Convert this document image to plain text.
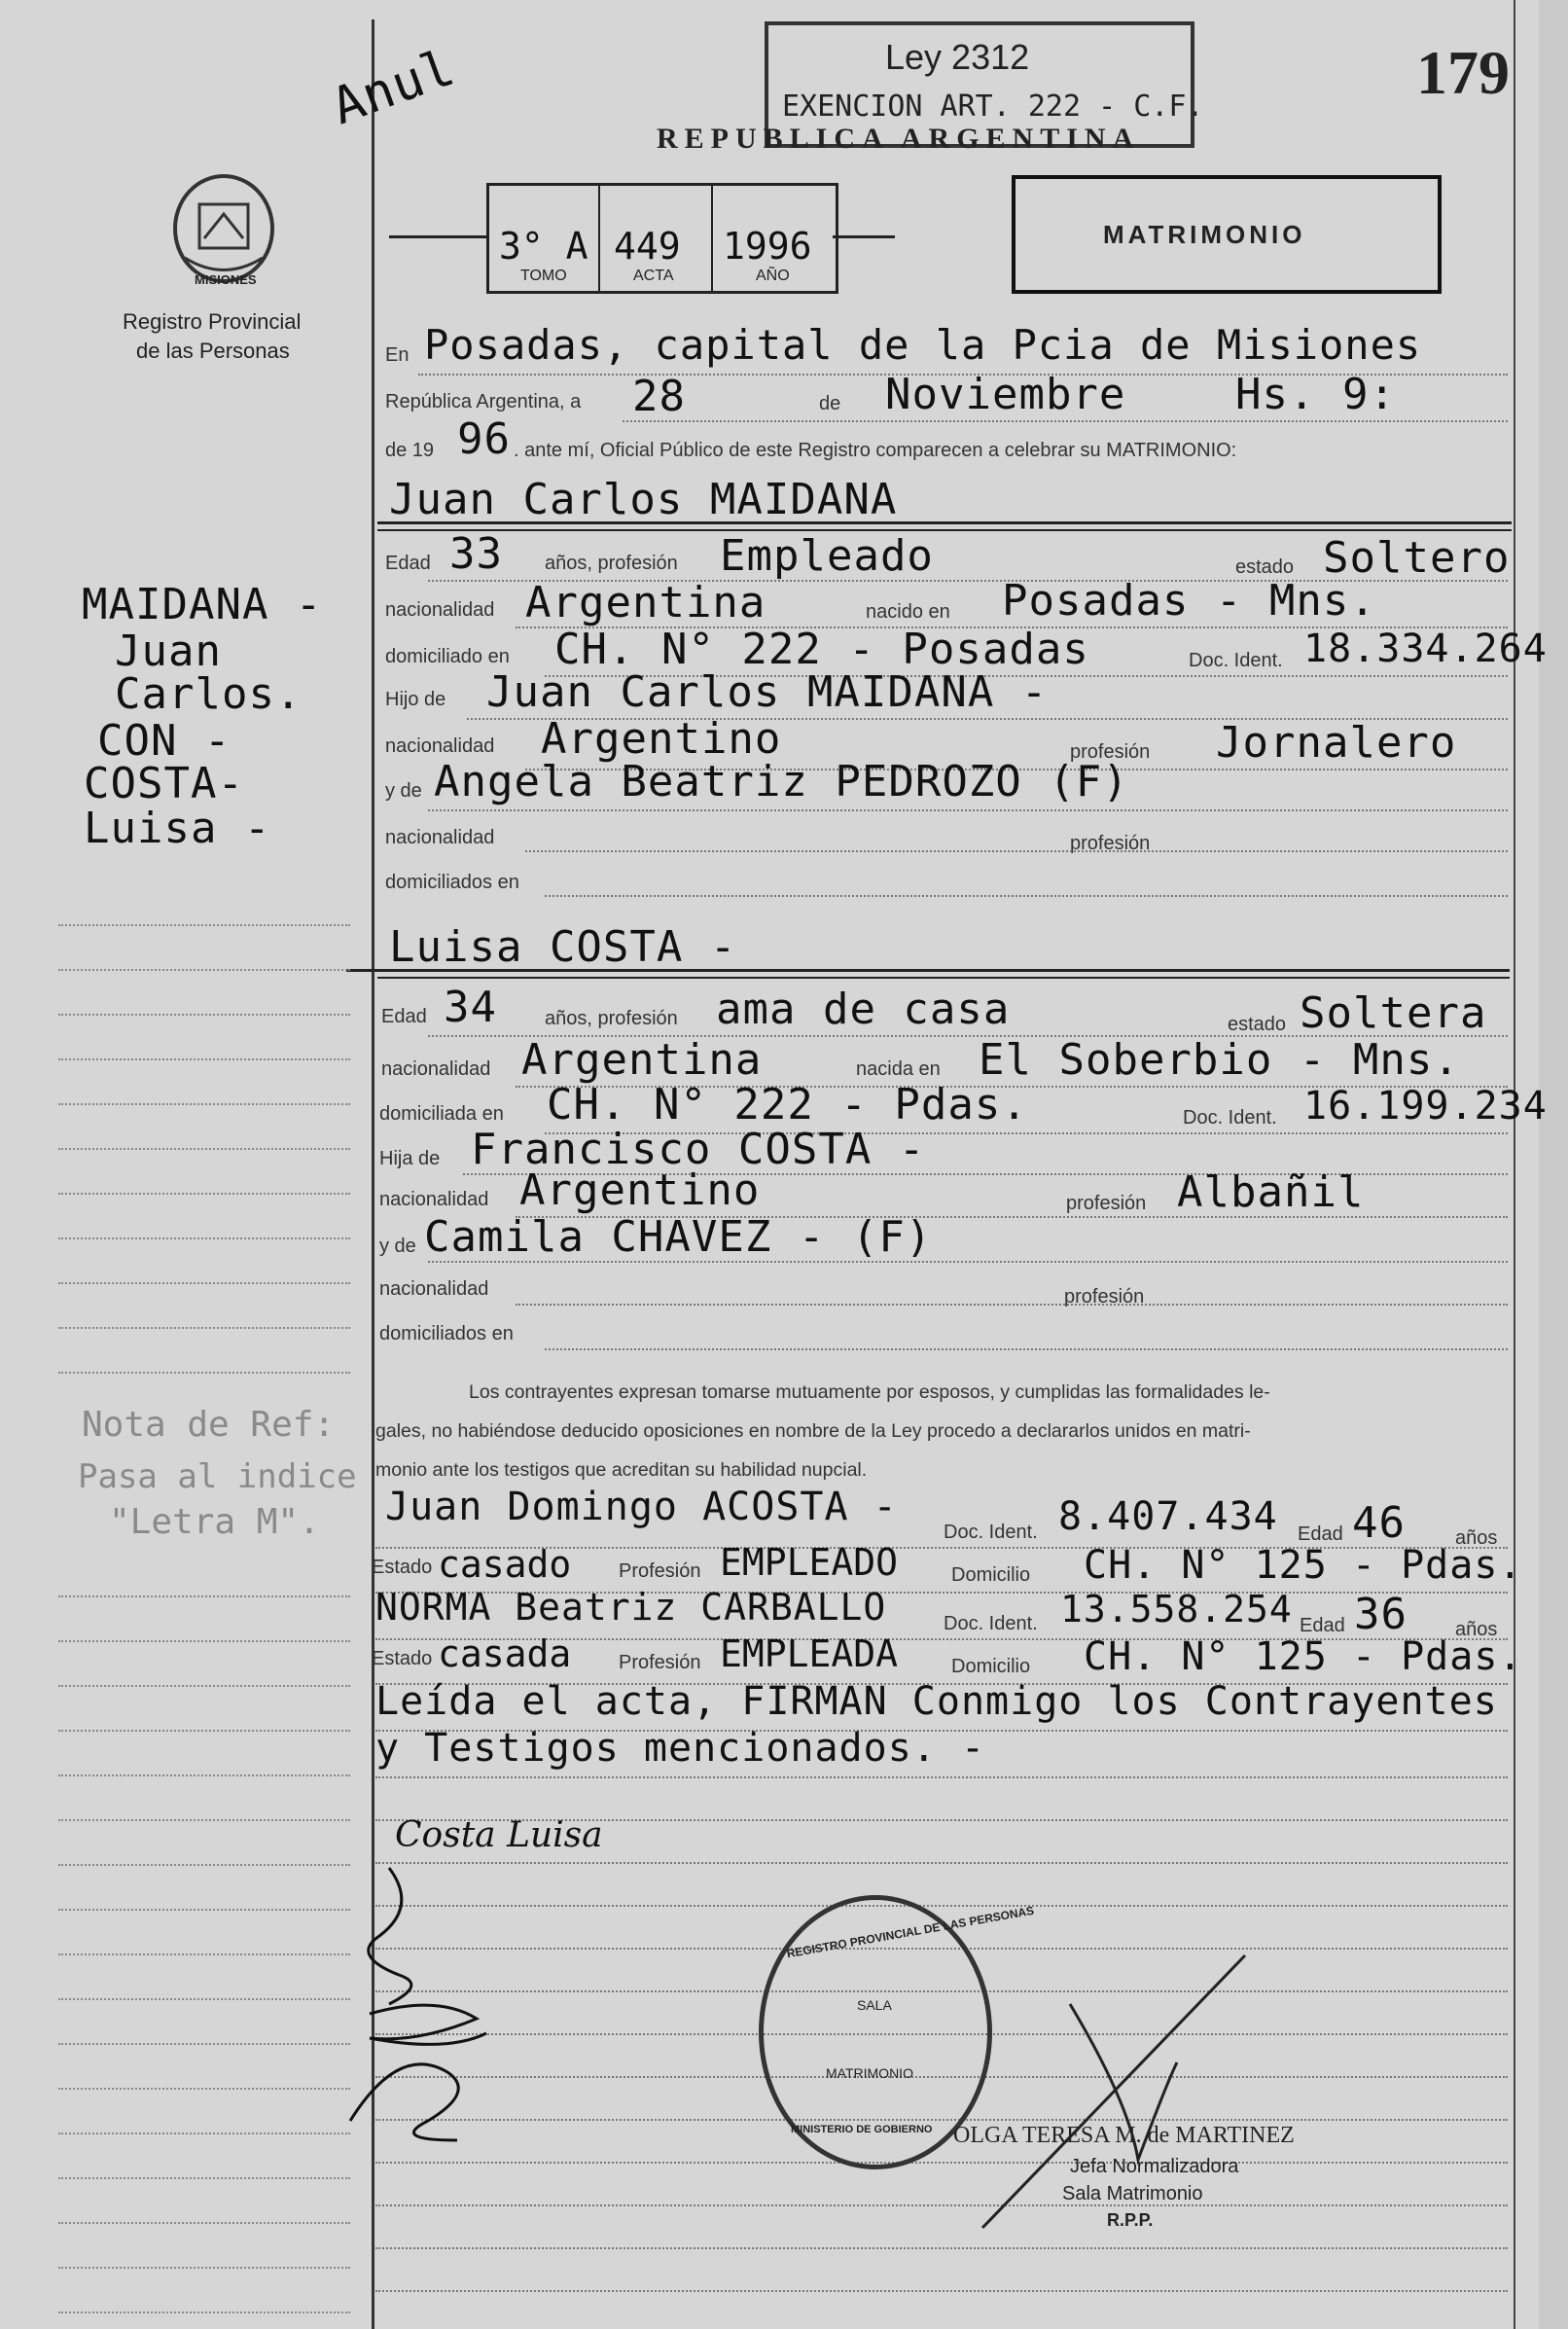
Anul	Ley 2312
EXENCION ART. 222 - C.F.	179
REPUBLICA ARGENTINA
MISIONES
Registro Provincial
de las Personas
3° A 449 1996
TOMO	ACTA	AÑO
MATRIMONIO
En Posadas, capital de la Pcia de Misiones
República Argentina, a 28	de Noviembre	Hs. 9:
de 19 96 . ante mí, Oficial Público de este Registro comparecen a celebrar su MATRIMONIO:
Juan Carlos MAIDANA
Edad 33 años, profesión Empleado	estado Soltero
nacionalidad Argentina	nacido en Posadas - Mns.
domiciliado en CH. N° 222 - Posadas	Doc. Ident. 18.334.264
Hijo de Juan Carlos MAIDANA -
nacionalidad Argentino	profesión Jornalero
y de Angela Beatriz PEDROZO (F)
nacionalidad	profesión
domiciliados en
Luisa COSTA -
Edad 34 años, profesión ama de casa	estado Soltera
nacionalidad Argentina	nacida en El Soberbio - Mns.
domiciliada en CH. N° 222 - Pdas.	Doc. Ident. 16.199.234
Hija de Francisco COSTA -
nacionalidad Argentino	profesión Albañil
y de Camila CHAVEZ - (F)
nacionalidad	profesión
domiciliados en
Los contrayentes expresan tomarse mutuamente por esposos, y cumplidas las formalidades le-
gales, no habiéndose deducido oposiciones en nombre de la Ley procedo a declararlos unidos en matri-
monio ante los testigos que acreditan su habilidad nupcial.
Juan Domingo ACOSTA -
Doc. Ident. 8.407.434 Edad 46	años
Estado casado Profesión EMPLEADO	Domicilio CH. N° 125 - Pdas.
NORMA Beatriz CARBALLO	Doc. Ident. 13.558.254 Edad 36 años
Estado casada Profesión EMPLEADA	Domicilio CH. N° 125 - Pdas.
Leída el acta, FIRMAN Conmigo los Contrayentes
y Testigos mencionados. -
Costa Luisa
REGISTRO PROVINCIAL DE LAS PERSONAS
SALA
MATRIMONIO
MINISTERIO DE GOBIERNO OLGA TERESA M. de MARTINEZ
Jefa Normalizadora
Sala Matrimonio
R.P.P.
MAIDANA -
Juan
Carlos.
CON -
COSTA-
Luisa -
Nota de Ref:
Pasa al indice
"Letra M".
